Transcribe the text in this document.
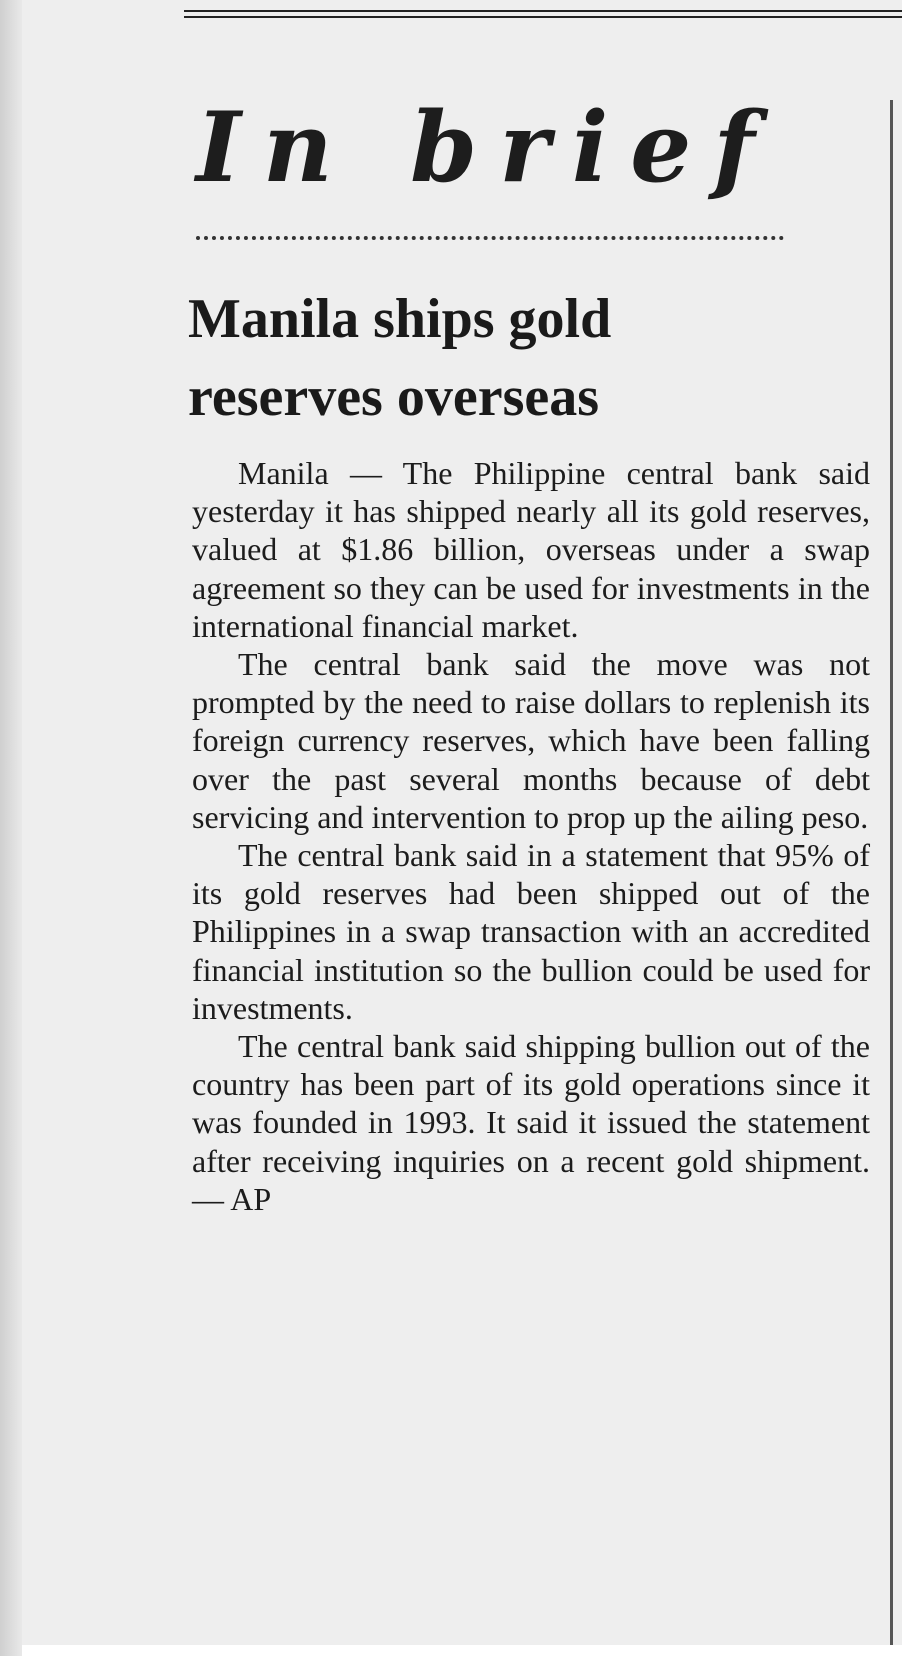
In brief
Manila ships gold
reserves overseas

Manila — The Philippine central bank said yesterday it has shipped nearly all its gold reserves, valued at $1.86 billion, overseas under a swap agreement so they can be used for investments in the international financial market.

The central bank said the move was not prompted by the need to raise dollars to replenish its foreign currency reserves, which have been falling over the past several months because of debt servicing and intervention to prop up the ailing peso.

The central bank said in a statement that 95% of its gold reserves had been shipped out of the Philippines in a swap transaction with an accredited financial institution so the bullion could be used for investments.

The central bank said shipping bullion out of the country has been part of its gold operations since it was founded in 1993. It said it issued the statement after receiving inquiries on a recent gold shipment. — AP
